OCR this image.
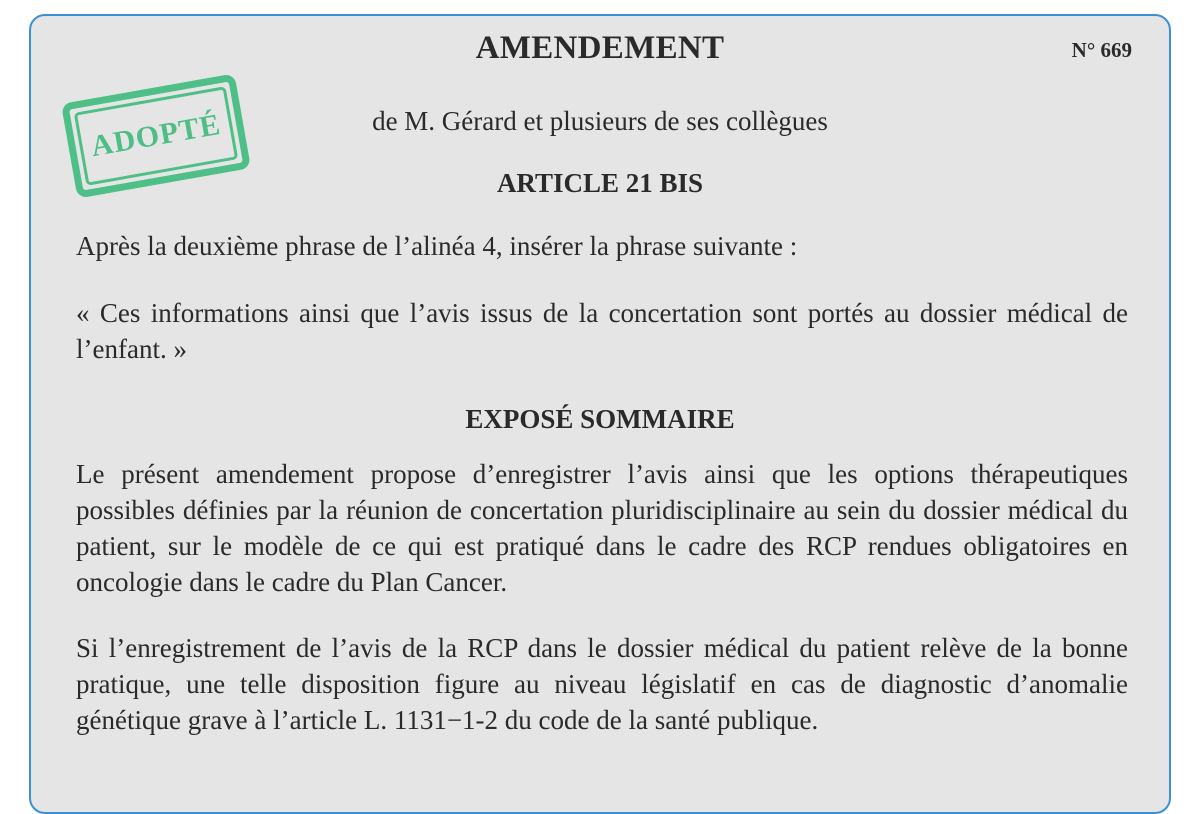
AMENDEMENT	N° 669
ADOPTÉ	de M. Gérard et plusieurs de ses collègues
ARTICLE 21 BIS
Après la deuxième phrase de l’alinéa 4, insérer la phrase suivante :
« Ces informations ainsi que l’avis issus de la concertation sont portés au dossier médical de l’enfant. »
EXPOSÉ SOMMAIRE
Le présent amendement propose d’enregistrer l’avis ainsi que les options thérapeutiques possibles définies par la réunion de concertation pluridisciplinaire au sein du dossier médical du patient, sur le modèle de ce qui est pratiqué dans le cadre des RCP rendues obligatoires en oncologie dans le cadre du Plan Cancer.
Si l’enregistrement de l’avis de la RCP dans le dossier médical du patient relève de la bonne pratique, une telle disposition figure au niveau législatif en cas de diagnostic d’anomalie génétique grave à l’article L. 1131−1-2 du code de la santé publique.
